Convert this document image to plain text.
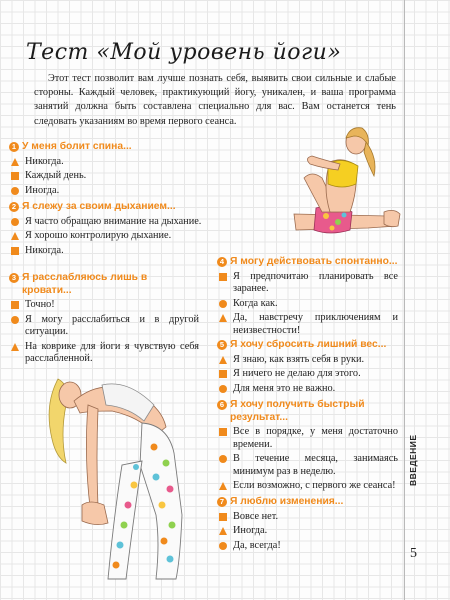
Тест «Мой уровень йоги»

Этот тест позволит вам лучше познать себя, выявить свои сильные и слабые стороны. Каждый человек, практикующий йогу, уникален, и ваша программа занятий должна быть составлена специально для вас. Вам останется тень следовать указаниям во время первого сеанса.

1 У меня болит спина...
Никогда.
Каждый день.
Иногда.
2 Я слежу за своим дыханием...
Я часто обращаю внимание на дыхание.
Я хорошо контролирую дыхание.
Никогда.
3 Я расслабляюсь лишь в кровати...
Точно!
Я могу расслабиться и в другой ситуации.
На коврике для йоги я чувствую себя расслабленной.
4 Я могу действовать спонтанно...
Я предпочитаю планировать все заранее.
Когда как.
Да, навстречу приключениям и неизвестности!
5 Я хочу сбросить лишний вес...
Я знаю, как взять себя в руки.
Я ничего не делаю для этого.
Для меня это не важно.
6 Я хочу получить быстрый результат...
Все в порядке, у меня достаточно времени.
В течение месяца, занимаясь минимум раз в неделю.
Если возможно, с первого же сеанса!
7 Я люблю изменения...
Вовсе нет.
Иногда.
Да, всегда!
ВВЕДЕНИЕ
5
